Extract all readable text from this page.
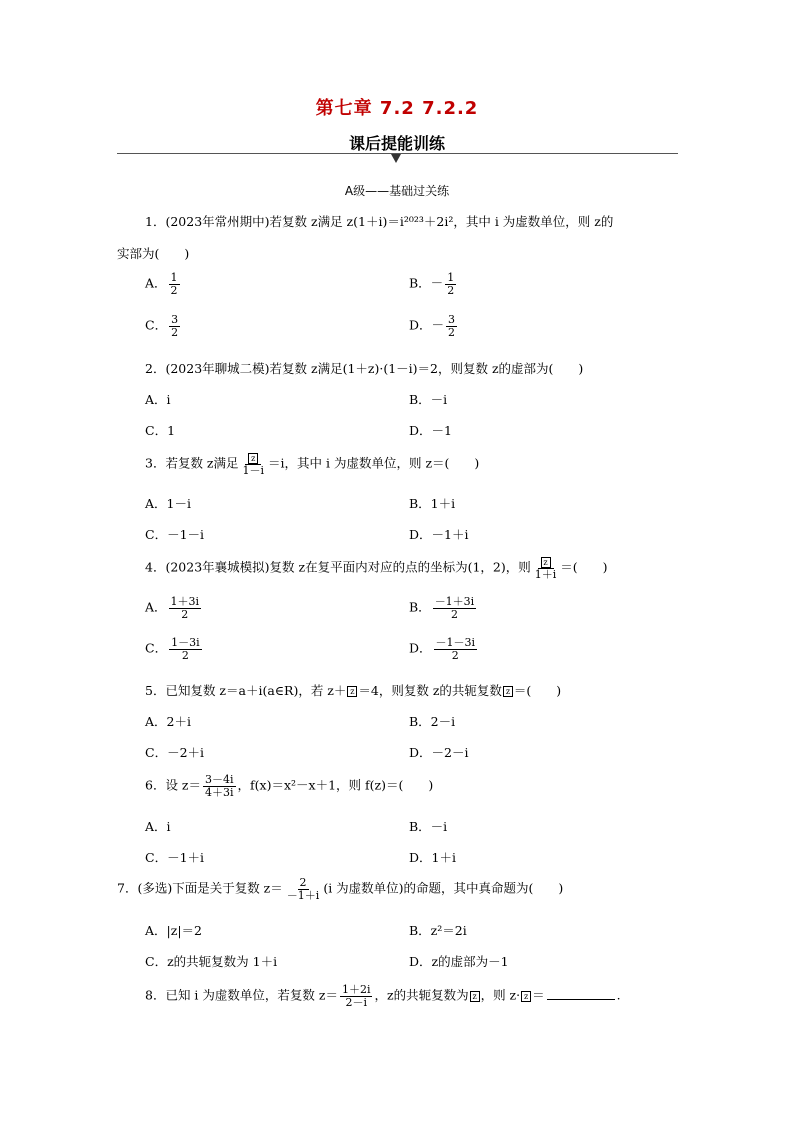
第七章 7.2 7.2.2
课后提能训练
A级——基础过关练
1．(2023年常州期中)若复数 z满足 z(1＋i)＝i²⁰²³＋2i²，其中 i 为虚数单位，则 z的
实部为(　　)
A． $\frac{1}{2}$	B．－ $\frac{1}{2}$
C． $\frac{3}{2}$	D．－ $\frac{3}{2}$
2．(2023年聊城二模)若复数 z满足(1＋z)·(1－i)＝2，则复数 z的虚部为(　　)
A．i	B．－i
C．1	D．－1
3．若复数 z满足 $\frac{z}{1-i} =i$，其中 i 为虚数单位，则 z＝(　　)
A．1－i	B．1＋i
C．－1－i	D．－1＋i
4．(2023年襄城模拟)复数 z在复平面内对应的点的坐标为(1，2)，则 $\frac{z}{1+i}$ ＝(　　)
A． $\frac{1+3i}{2}$	B． $\frac{-1+3i}{2}$
C． $\frac{1-3i}{2}$	D． $\frac{-1-3i}{2}$
5．已知复数 z＝a＋i(a∈R)，若 z＋ z ＝4，则复数 z的共轭复数 z ＝(　　)
A．2＋i	B．2－i
C．－2＋i	D．－2－i
6．设 $z= \frac{3-4i}{4+3i}$ ，f(x)＝x²－x＋1，则 f(z)＝(　　)
A．i	B．－i
C．－1＋i	D．1＋i
7．(多选)下面是关于复数 $z= \frac{2}{-1+i} (i$ 为虚数单位)的命题，其中真命题为(　　)
A．|z|＝2	B．z²＝2i
C．z的共轭复数为 1＋i	D．z的虚部为－1
8．已知 i 为虚数单位，若复数 $z= \frac{1+2i}{2-i}$ ，z的共轭复数为 z ，则 z· z ＝	.
